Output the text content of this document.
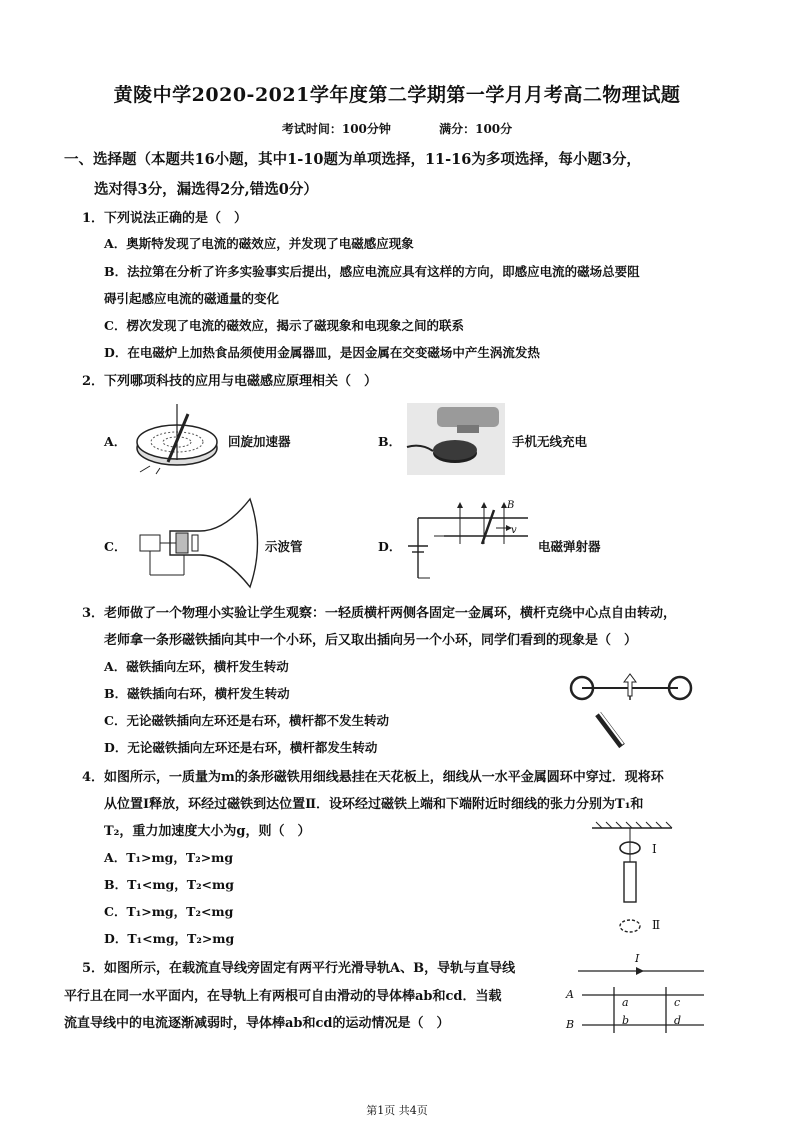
黄陵中学2020-2021学年度第二学期第一学月月考高二物理试题
考试时间：100分钟	满分：100分
一、选择题（本题共16小题，其中1-10题为单项选择，11-16为多项选择，每小题3分，
选对得3分，漏选得2分,错选0分）
1．下列说法正确的是（　）
A．奥斯特发现了电流的磁效应，并发现了电磁感应现象
B．法拉第在分析了许多实验事实后提出，感应电流应具有这样的方向，即感应电流的磁场总要阻
碍引起感应电流的磁通量的变化
C．楞次发现了电流的磁效应，揭示了磁现象和电现象之间的联系
D．在电磁炉上加热食品须使用金属器皿，是因金属在交变磁场中产生涡流发热
2．下列哪项科技的应用与电磁感应原理相关（　）
A．	回旋加速器	B．	手机无线充电
C．	示波管	D．
B
v
电磁弹射器
3．老师做了一个物理小实验让学生观察：一轻质横杆两侧各固定一金属环，横杆克绕中心点自由转动，
老师拿一条形磁铁插向其中一个小环，后又取出插向另一个小环，同学们看到的现象是（　）
A．磁铁插向左环，横杆发生转动
B．磁铁插向右环，横杆发生转动
C．无论磁铁插向左环还是右环，横杆都不发生转动
D．无论磁铁插向左环还是右环，横杆都发生转动
4．如图所示，一质量为m的条形磁铁用细线悬挂在天花板上，细线从一水平金属圆环中穿过．现将环
从位置Ⅰ释放，环经过磁铁到达位置Ⅱ．设环经过磁铁上端和下端附近时细线的张力分别为T₁和
T₂，重力加速度大小为g，则（　）
A．T₁>mg，T₂>mg
B．T₁<mg，T₂<mg
C．T₁>mg，T₂<mg
D．T₁<mg，T₂>mg
Ⅰ
Ⅱ
5．如图所示，在载流直导线旁固定有两平行光滑导轨A、B，导轨与直导线
平行且在同一水平面内，在导轨上有两根可自由滑动的导体棒ab和cd．当载
流直导线中的电流逐渐减弱时，导体棒ab和cd的运动情况是（　）
I
A
B
a
b
c
d
第1页 共4页
